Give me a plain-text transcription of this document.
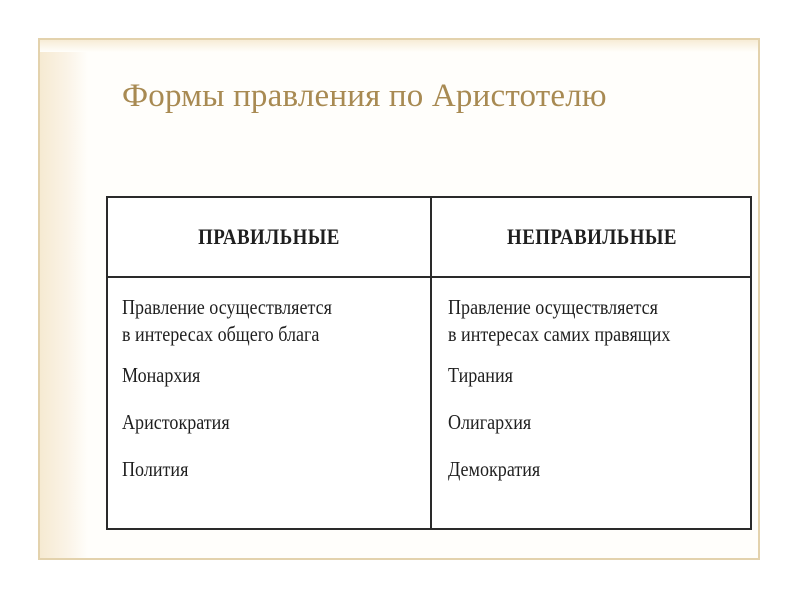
Формы правления по Аристотелю
ПРАВИЛЬНЫЕ	НЕПРАВИЛЬНЫЕ

Правление осуществляется
в интересах общего блага

Монархия
Аристократия
Полития

Правление осуществляется
в интересах самих правящих

Тирания
Олигархия
Демократия
